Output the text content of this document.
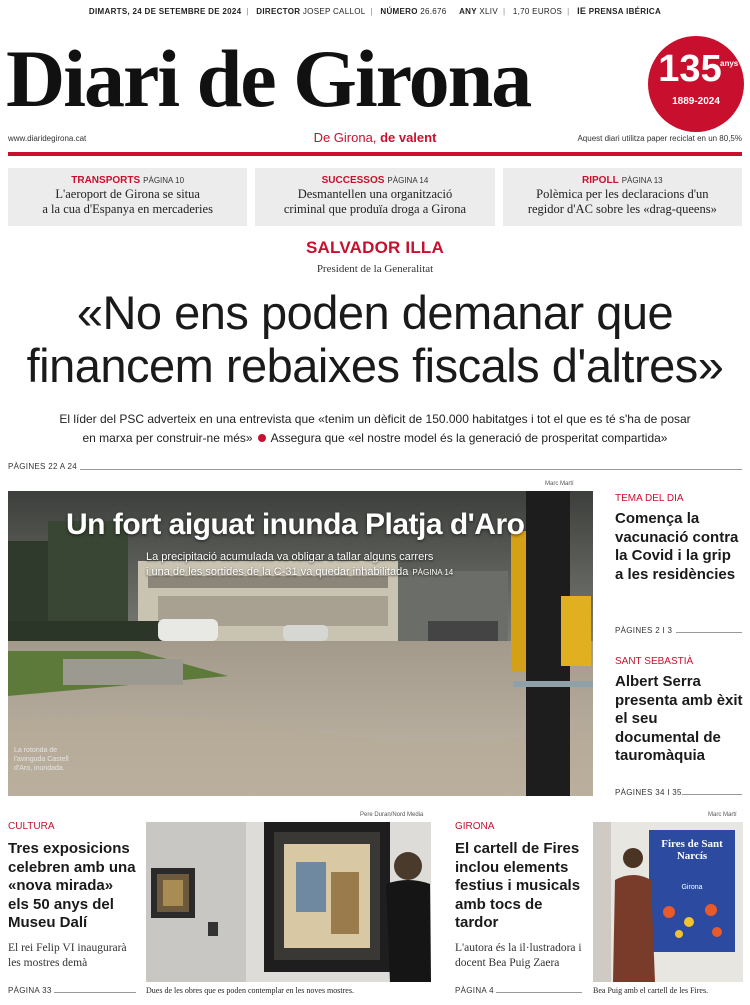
DIMARTS, 24 DE SETEMBRE DE 2024 | DIRECTOR JOSEP CALLOL | NÚMERO 26.676 ANY XLIV | 1,70 EUROS | IE PRENSA IBÉRICA
Diari de Girona	135
anys
1889-2024
www.diaridegirona.cat	De Girona, de valent	Aquest diari utilitza paper reciclat en un 80,5%
TRANSPORTS PÀGINA 10
L'aeroport de Girona se situa
a la cua d'Espanya en mercaderies
SUCCESSOS PÀGINA 14
Desmantellen una organització
criminal que produïa droga a Girona
RIPOLL PÀGINA 13
Polèmica per les declaracions d'un
regidor d'AC sobre les «drag-queens»
SALVADOR ILLA
President de la Generalitat
«No ens poden demanar que
financem rebaixes fiscals d'altres»
El líder del PSC adverteix en una entrevista que «tenim un dèficit de 150.000 habitatges i tot el que es té s'ha de posar
en marxa per construir-ne més» Assegura que «el nostre model és la generació de prosperitat compartida»
PÀGINES 22 A 24
Marc Martí
Un fort aiguat inunda Platja d'Aro
La precipitació acumulada va obligar a tallar alguns carrers
i una de les sortides de la C-31 va quedar inhabilitada PÀGINA 14
La rotonda de l'avinguda Castell d'Aro, inundada.
TEMA DEL DIA
Comença la vacunació contra la Covid i la grip a les residències
PÀGINES 2 I 3
SANT SEBASTIÀ
Albert Serra presenta amb èxit el seu documental de tauromàquia
PÀGINES 34 I 35
CULTURA
Tres exposicions celebren amb una «nova mirada» els 50 anys del Museu Dalí
El rei Felip VI inaugurarà les mostres demà
PÀGINA 33
Pere Duran/Nord Media
Dues de les obres que es poden contemplar en les noves mostres.
GIRONA
El cartell de Fires inclou elements festius i musicals amb tocs de tardor
L'autora és la il·lustradora i docent Bea Puig Zaera
PÀGINA 4
Marc Martí
Fires de Sant Narcís
Girona
Bea Puig amb el cartell de les Fires.
